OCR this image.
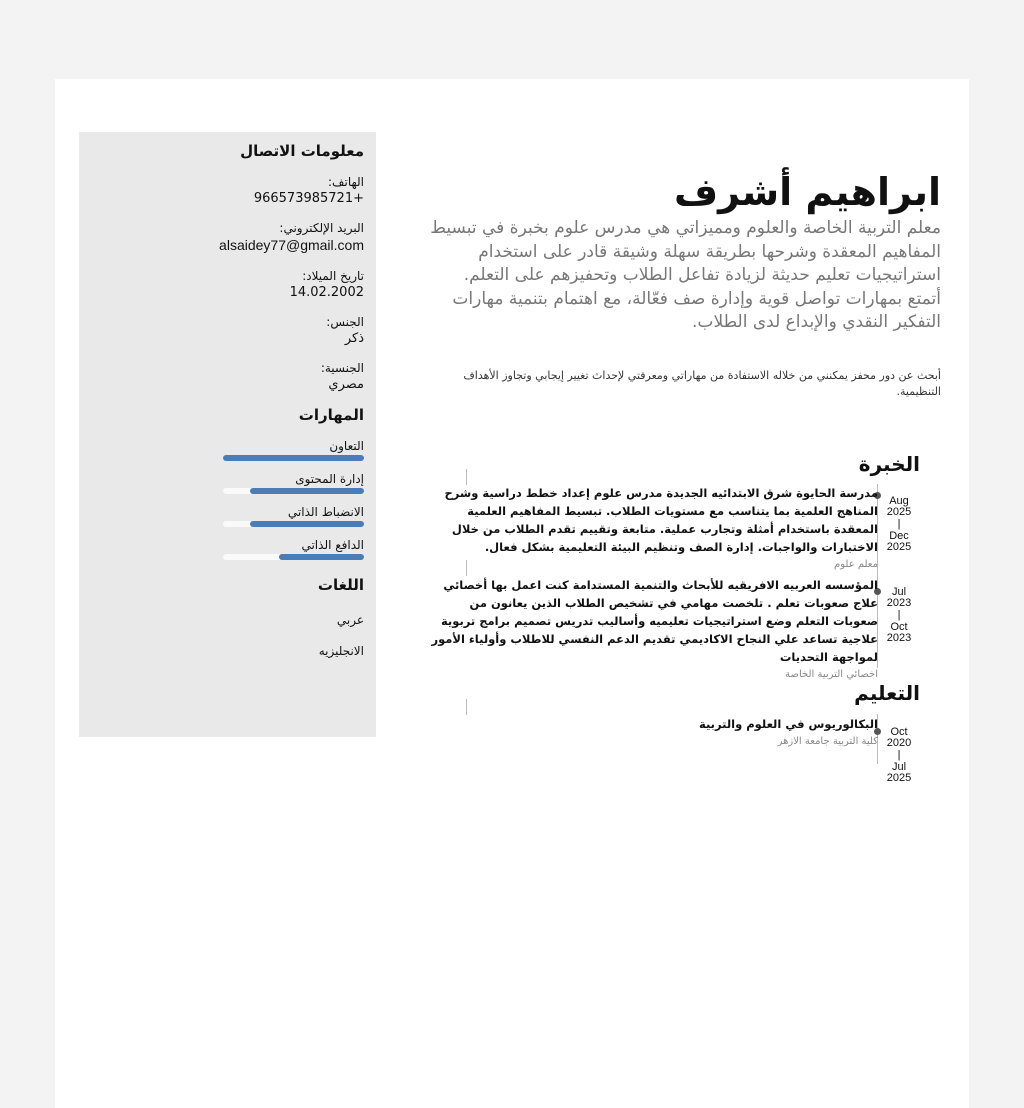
معلومات الاتصال
الهاتف:
966573985721+
البريد الإلكتروني:
alsaidey77@gmail.com
تاريخ الميلاد:
14.02.2002
الجنس:
ذكر
الجنسية:
مصري
المهارات
التعاون
إدارة المحتوى
الانضباط الذاتي
الدافع الذاتي
اللغات
عربي
الانجليزيه
ابراهيم أشرف

معلم التربية الخاصة والعلوم ومميزاتي هي مدرس علوم بخبرة في تبسيط المفاهيم المعقدة وشرحها بطريقة سهلة وشيقة قادر على استخدام استراتيجيات تعليم حديثة لزيادة تفاعل الطلاب وتحفيزهم على التعلم. أتمتع بمهارات تواصل قوية وإدارة صف فعّالة، مع اهتمام بتنمية مهارات التفكير النقدي والإبداع لدى الطلاب.

أبحث عن دور محفز يمكنني من خلاله الاستفادة من مهاراتي ومعرفتي لإحداث تغيير إيجابي وتجاوز الأهداف التنظيمية.
الخبرة
مدرسة الحايوة شرق الابتدائيه الجديدة مدرس علوم إعداد خطط دراسية وشرح المناهج العلمية بما يتناسب مع مستويات الطلاب. تبسيط المفاهيم العلمية المعقدة باستخدام أمثلة وتجارب عملية. متابعة وتقييم تقدم الطلاب من خلال الاختبارات والواجبات. إدارة الصف وتنظيم البيئة التعليمية بشكل فعال.
معلم علوم
Aug
2025
|
Dec
2025
المؤسسه العربيه الافريقيه للأبحاث والتنمية المستدامة كنت اعمل بها أخصائي علاج صعوبات تعلم . تلخصت مهامي في تشخيص الطلاب الذين يعانون من صعوبات التعلم وضع استراتيجيات تعليميه وأساليب تدريس تصميم برامج تربوية علاجية تساعد علي النجاح الاكاديمي تقديم الدعم النفسي للاطلاب وأولياء الأمور لمواجهة التحديات
اخصائي التربية الخاصة
Jul
2023
|
Oct
2023
التعليم
البكالوريوس في العلوم والتربية
كلية التربية جامعة الازهر
Oct
2020
|
Jul
2025
